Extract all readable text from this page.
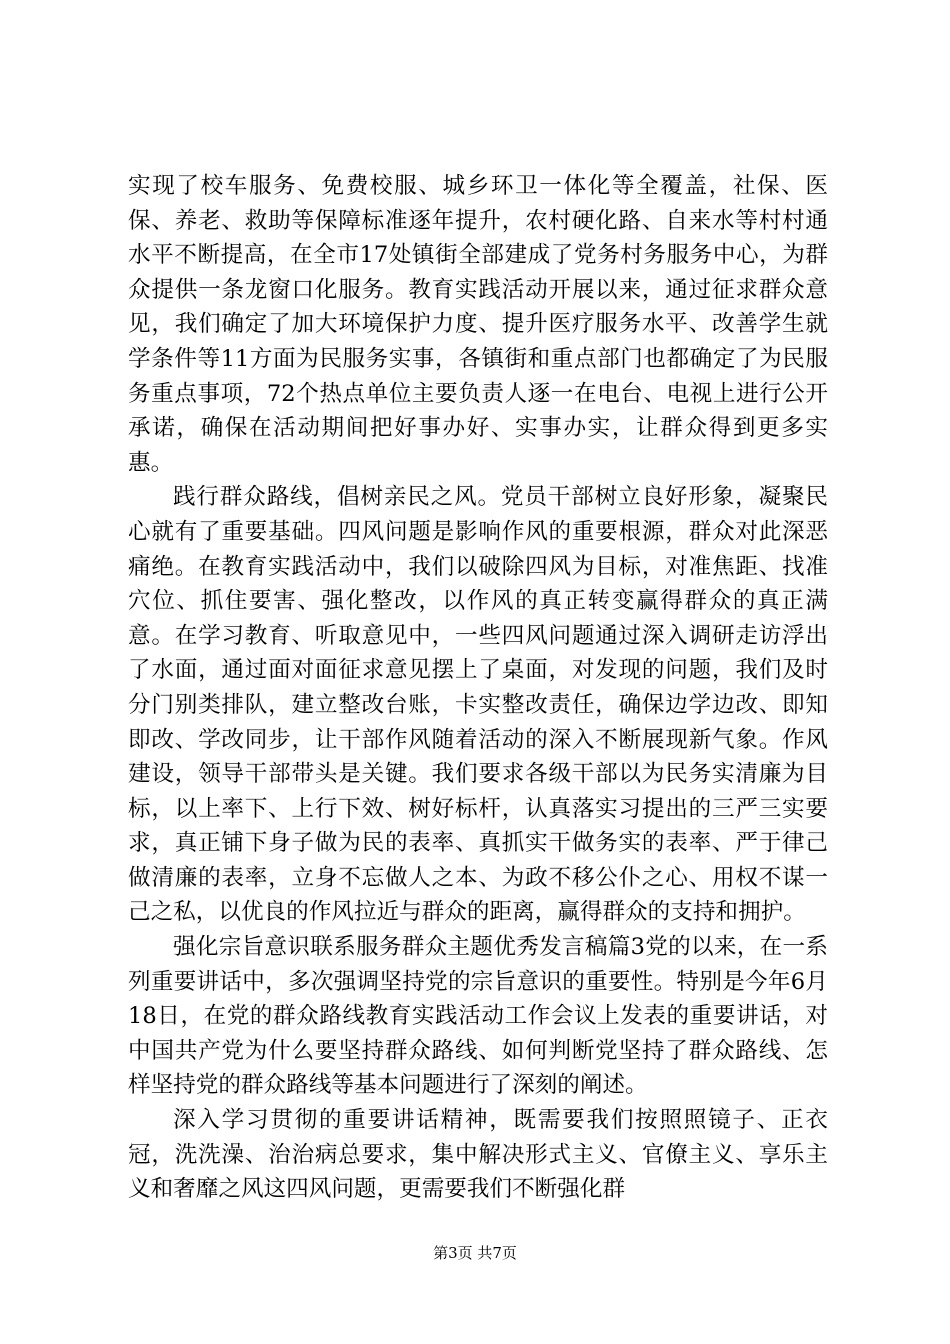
实现了校车服务、免费校服、城乡环卫一体化等全覆盖，社保、医保、养老、救助等保障标准逐年提升，农村硬化路、自来水等村村通水平不断提高，在全市17处镇街全部建成了党务村务服务中心，为群众提供一条龙窗口化服务。教育实践活动开展以来，通过征求群众意见，我们确定了加大环境保护力度、提升医疗服务水平、改善学生就学条件等11方面为民服务实事，各镇街和重点部门也都确定了为民服务重点事项，72个热点单位主要负责人逐一在电台、电视上进行公开承诺，确保在活动期间把好事办好、实事办实，让群众得到更多实惠。

践行群众路线，倡树亲民之风。党员干部树立良好形象，凝聚民心就有了重要基础。四风问题是影响作风的重要根源，群众对此深恶痛绝。在教育实践活动中，我们以破除四风为目标，对准焦距、找准穴位、抓住要害、强化整改，以作风的真正转变赢得群众的真正满意。在学习教育、听取意见中，一些四风问题通过深入调研走访浮出了水面，通过面对面征求意见摆上了桌面，对发现的问题，我们及时分门别类排队，建立整改台账，卡实整改责任，确保边学边改、即知即改、学改同步，让干部作风随着活动的深入不断展现新气象。作风建设，领导干部带头是关键。我们要求各级干部以为民务实清廉为目标，以上率下、上行下效、树好标杆，认真落实习提出的三严三实要求，真正铺下身子做为民的表率、真抓实干做务实的表率、严于律己做清廉的表率，立身不忘做人之本、为政不移公仆之心、用权不谋一己之私，以优良的作风拉近与群众的距离，赢得群众的支持和拥护。

强化宗旨意识联系服务群众主题优秀发言稿篇3党的以来，在一系列重要讲话中，多次强调坚持党的宗旨意识的重要性。特别是今年6月18日，在党的群众路线教育实践活动工作会议上发表的重要讲话，对中国共产党为什么要坚持群众路线、如何判断党坚持了群众路线、怎样坚持党的群众路线等基本问题进行了深刻的阐述。

深入学习贯彻的重要讲话精神，既需要我们按照照镜子、正衣冠，洗洗澡、治治病总要求，集中解决形式主义、官僚主义、享乐主义和奢靡之风这四风问题，更需要我们不断强化群

第3页 共7页
